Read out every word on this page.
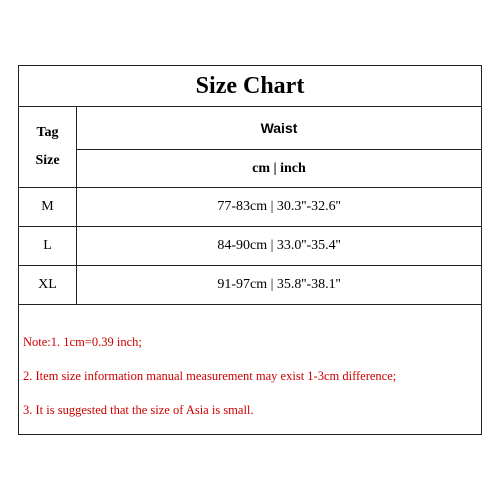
Size Chart
Tag
Size
Waist
cm | inch
M	77-83cm | 30.3''-32.6''
L	84-90cm | 33.0''-35.4''
XL	91-97cm | 35.8''-38.1''
Note:1. 1cm=0.39 inch;
2. Item size information manual measurement may exist 1-3cm difference;
3. It is suggested that the size of Asia is small.
